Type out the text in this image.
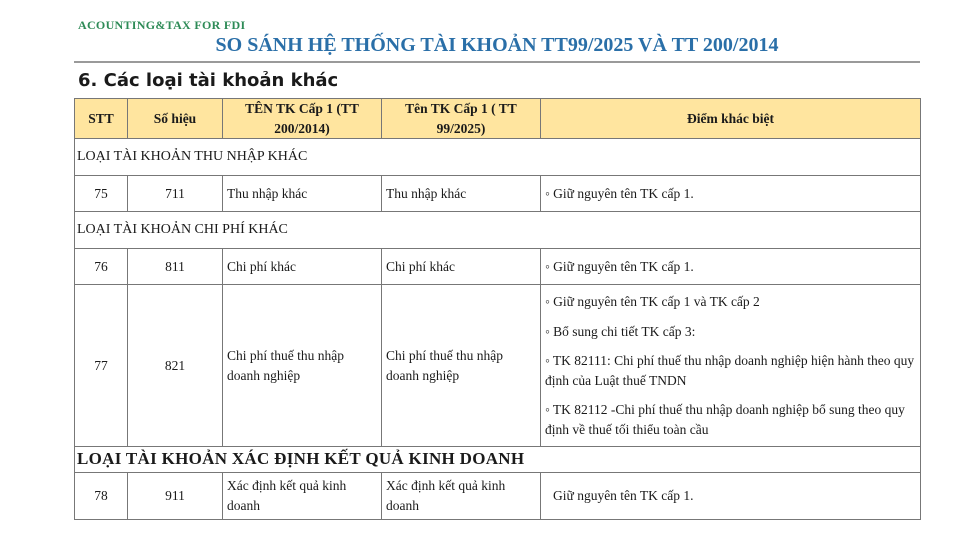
ACOUNTING&TAX FOR FDI
SO SÁNH HỆ THỐNG TÀI KHOẢN TT99/2025 VÀ TT 200/2014
6. Các loại tài khoản khác
STT	Số hiệu	TÊN TK Cấp 1 (TT 200/2014)	Tên TK Cấp 1 ( TT 99/2025)	Điểm khác biệt
LOẠI TÀI KHOẢN THU NHẬP KHÁC				
75	711	Thu nhập khác	Thu nhập khác	◦ Giữ nguyên tên TK cấp 1.
LOẠI TÀI KHOẢN CHI PHÍ KHÁC				
76	811	Chi phí khác	Chi phí khác	◦ Giữ nguyên tên TK cấp 1.
77	821	Chi phí thuế thu nhập doanh nghiệp	Chi phí thuế thu nhập doanh nghiệp	◦ Giữ nguyên tên TK cấp 1 và TK cấp 2

◦ Bổ sung chi tiết TK cấp 3:

◦ TK 82111: Chi phí thuế thu nhập doanh nghiệp hiện hành theo quy định của Luật thuế TNDN

◦ TK 82112 -Chi phí thuế thu nhập doanh nghiệp bổ sung theo quy định về thuế tối thiểu toàn cầu

LOẠI TÀI KHOẢN XÁC ĐỊNH KẾT QUẢ KINH DOANH				
78	911	Xác định kết quả kinh doanh	Xác định kết quả kinh doanh	Giữ nguyên tên TK cấp 1.
